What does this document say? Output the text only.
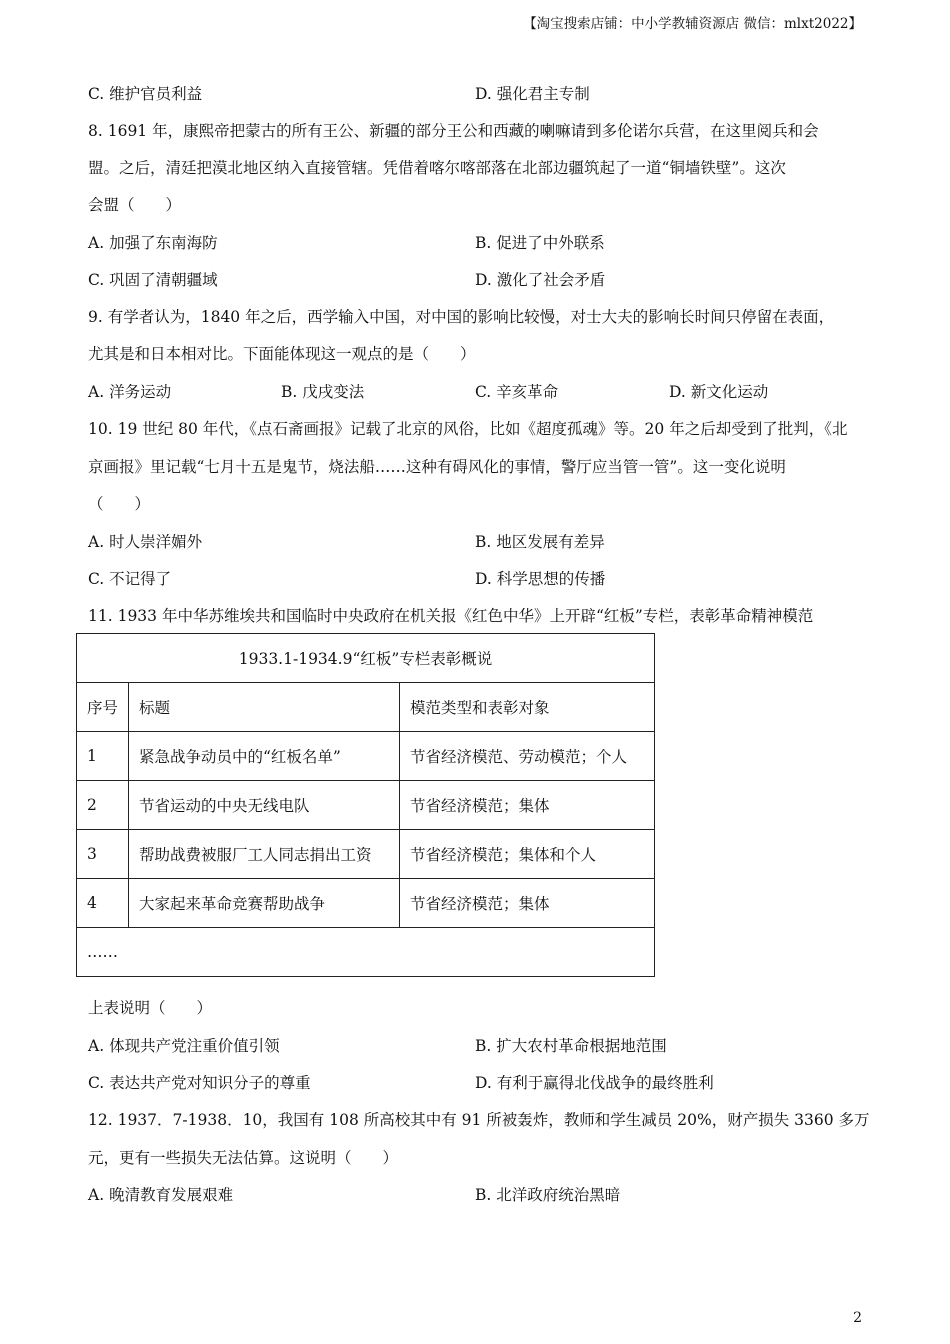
【淘宝搜索店铺：中小学教辅资源店 微信：mlxt2022】
C. 维护官员利益	D. 强化君主专制
8. 1691 年，康熙帝把蒙古的所有王公、新疆的部分王公和西藏的喇嘛请到多伦诺尔兵营，在这里阅兵和会
盟。之后，清廷把漠北地区纳入直接管辖。凭借着喀尔喀部落在北部边疆筑起了一道“铜墙铁壁”。这次
会盟（　　）
A. 加强了东南海防	B. 促进了中外联系
C. 巩固了清朝疆域	D. 激化了社会矛盾
9. 有学者认为，1840 年之后，西学输入中国，对中国的影响比较慢，对士大夫的影响长时间只停留在表面，
尤其是和日本相对比。下面能体现这一观点的是（　　）
A. 洋务运动	B. 戊戌变法	C. 辛亥革命	D. 新文化运动
10. 19 世纪 80 年代，《点石斋画报》记载了北京的风俗，比如《超度孤魂》等。20 年之后却受到了批判，《北
京画报》里记载“七月十五是鬼节，烧法船……这种有碍风化的事情，警厅应当管一管”。这一变化说明
（　　）
A. 时人崇洋媚外	B. 地区发展有差异
C. 不记得了	D. 科学思想的传播
11. 1933 年中华苏维埃共和国临时中央政府在机关报《红色中华》上开辟“红板”专栏，表彰革命精神模范
1933.1-1934.9“红板”专栏表彰概说		
序号	标题	模范类型和表彰对象
1	紧急战争动员中的“红板名单”	节省经济模范、劳动模范；个人
2	节省运动的中央无线电队	节省经济模范；集体
3	帮助战费被服厂工人同志捐出工资	节省经济模范；集体和个人
4	大家起来革命竞赛帮助战争	节省经济模范；集体
……		
上表说明（　　）
A. 体现共产党注重价值引领	B. 扩大农村革命根据地范围
C. 表达共产党对知识分子的尊重	D. 有利于赢得北伐战争的最终胜利
12. 1937．7-1938．10，我国有 108 所高校其中有 91 所被轰炸，教师和学生减员 20%，财产损失 3360 多万
元，更有一些损失无法估算。这说明（　　）
A. 晚清教育发展艰难	B. 北洋政府统治黑暗
2
